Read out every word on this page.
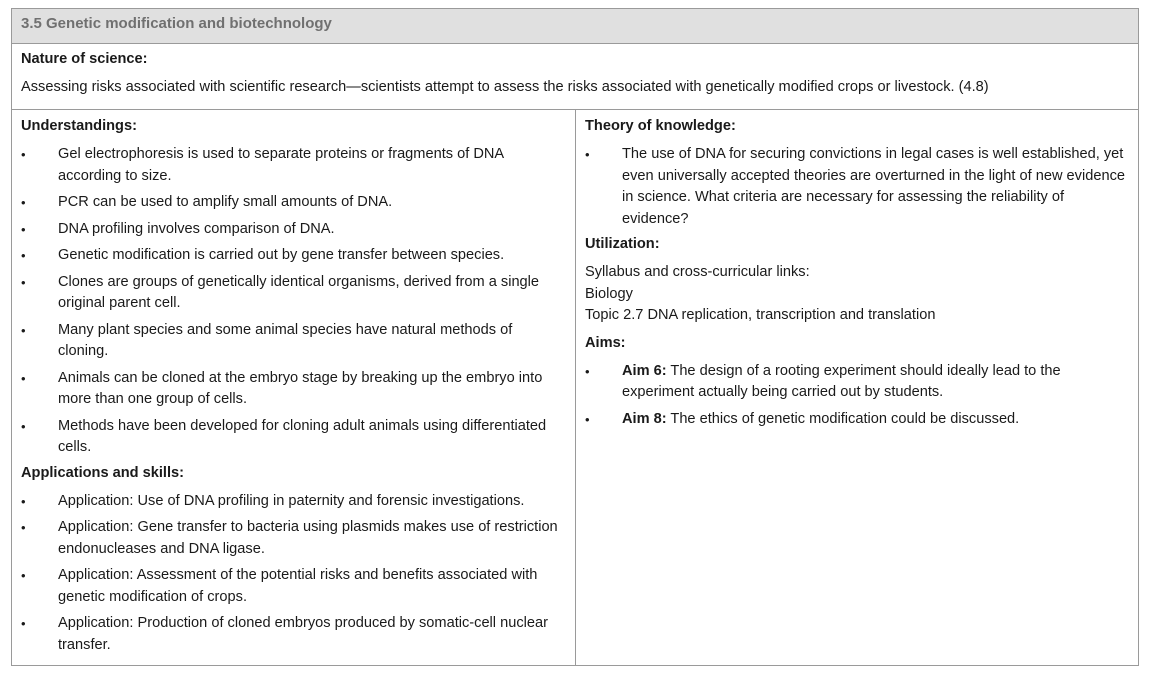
3.5 Genetic modification and biotechnology
Nature of science:

Assessing risks associated with scientific research—scientists attempt to assess the risks associated with genetically modified crops or livestock. (4.8)

Understandings:
•	Gel electrophoresis is used to separate proteins or fragments of DNA according to size.
•	PCR can be used to amplify small amounts of DNA.
•	DNA profiling involves comparison of DNA.
•	Genetic modification is carried out by gene transfer between species.
•	Clones are groups of genetically identical organisms, derived from a single original parent cell.
•	Many plant species and some animal species have natural methods of cloning.
•	Animals can be cloned at the embryo stage by breaking up the embryo into more than one group of cells.
•	Methods have been developed for cloning adult animals using differentiated cells.
Applications and skills:
•	Application: Use of DNA profiling in paternity and forensic investigations.
•	Application: Gene transfer to bacteria using plasmids makes use of restriction endonucleases and DNA ligase.
•	Application: Assessment of the potential risks and benefits associated with genetic modification of crops.
•	Application: Production of cloned embryos produced by somatic-cell nuclear transfer.
Theory of knowledge:
•	The use of DNA for securing convictions in legal cases is well established, yet even universally accepted theories are overturned in the light of new evidence in science. What criteria are necessary for assessing the reliability of evidence?
Utilization:

Syllabus and cross-curricular links:

Biology

Topic 2.7 DNA replication, transcription and translation

Aims:
•	Aim 6: The design of a rooting experiment should ideally lead to the experiment actually being carried out by students.
•	Aim 8: The ethics of genetic modification could be discussed.
